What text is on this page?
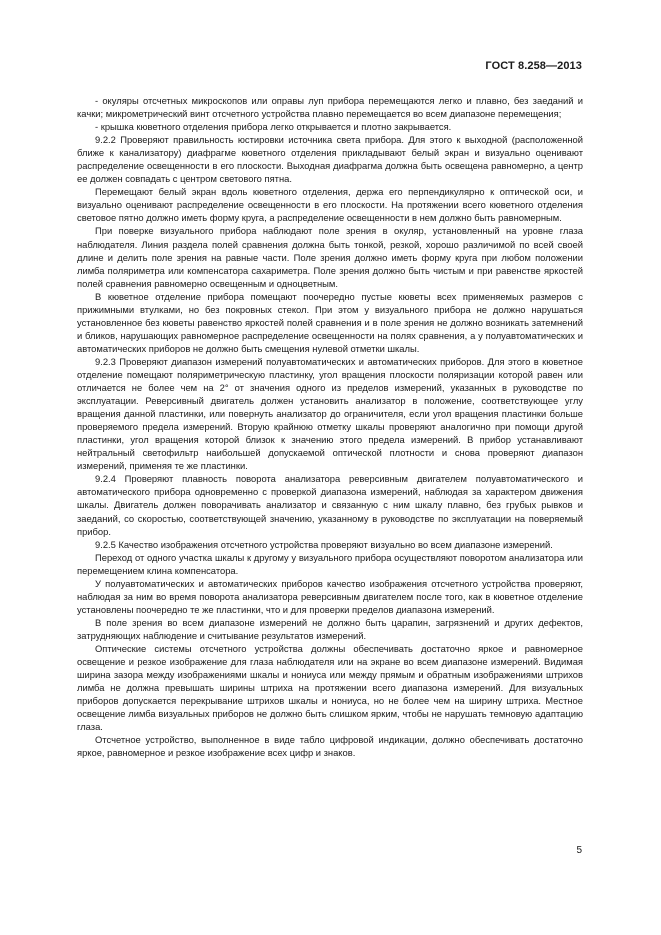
ГОСТ 8.258—2013

- окуляры отсчетных микроскопов или оправы луп прибора перемещаются легко и плавно, без заеданий и качки; микрометрический винт отсчетного устройства плавно перемещается во всем диапазоне перемещения;

- крышка кюветного отделения прибора легко открывается и плотно закрывается.

9.2.2 Проверяют правильность юстировки источника света прибора. Для этого к выходной (расположенной ближе к канализатору) диафрагме кюветного отделения прикладывают белый экран и визуально оценивают распределение освещенности в его плоскости. Выходная диафрагма должна быть освещена равномерно, а центр ее должен совпадать с центром светового пятна.

Перемещают белый экран вдоль кюветного отделения, держа его перпендикулярно к оптической оси, и визуально оценивают распределение освещенности в его плоскости. На протяжении всего кюветного отделения световое пятно должно иметь форму круга, а распределение освещенности в нем должно быть равномерным.

При поверке визуального прибора наблюдают поле зрения в окуляр, установленный на уровне глаза наблюдателя. Линия раздела полей сравнения должна быть тонкой, резкой, хорошо различимой по всей своей длине и делить поле зрения на равные части. Поле зрения должно иметь форму круга при любом положении лимба поляриметра или компенсатора сахариметра. Поле зрения должно быть чистым и при равенстве яркостей полей сравнения равномерно освещенным и одноцветным.

В кюветное отделение прибора помещают поочередно пустые кюветы всех применяемых размеров с прижимными втулками, но без покровных стекол. При этом у визуального прибора не должно нарушаться установленное без кюветы равенство яркостей полей сравнения и в поле зрения не должно возникать затемнений и бликов, нарушающих равномерное распределение освещенности на полях сравнения, а у полуавтоматических и автоматических приборов не должно быть смещения нулевой отметки шкалы.

9.2.3 Проверяют диапазон измерений полуавтоматических и автоматических приборов. Для этого в кюветное отделение помещают поляриметрическую пластинку, угол вращения плоскости поляризации которой равен или отличается не более чем на 2° от значения одного из пределов измерений, указанных в руководстве по эксплуатации. Реверсивный двигатель должен установить анализатор в положение, соответствующее углу вращения данной пластинки, или повернуть анализатор до ограничителя, если угол вращения пластинки больше проверяемого предела измерений. Вторую крайнюю отметку шкалы проверяют аналогично при помощи другой пластинки, угол вращения которой близок к значению этого предела измерений. В прибор устанавливают нейтральный светофильтр наибольшей допускаемой оптической плотности и снова проверяют диапазон измерений, применяя те же пластинки.

9.2.4 Проверяют плавность поворота анализатора реверсивным двигателем полуавтоматического и автоматического прибора одновременно с проверкой диапазона измерений, наблюдая за характером движения шкалы. Двигатель должен поворачивать анализатор и связанную с ним шкалу плавно, без грубых рывков и заеданий, со скоростью, соответствующей значению, указанному в руководстве по эксплуатации на поверяемый прибор.

9.2.5 Качество изображения отсчетного устройства проверяют визуально во всем диапазоне измерений.

Переход от одного участка шкалы к другому у визуального прибора осуществляют поворотом анализатора или перемещением клина компенсатора.

У полуавтоматических и автоматических приборов качество изображения отсчетного устройства проверяют, наблюдая за ним во время поворота анализатора реверсивным двигателем после того, как в кюветное отделение установлены поочередно те же пластинки, что и для проверки пределов диапазона измерений.

В поле зрения во всем диапазоне измерений не должно быть царапин, загрязнений и других дефектов, затрудняющих наблюдение и считывание результатов измерений.

Оптические системы отсчетного устройства должны обеспечивать достаточно яркое и равномерное освещение и резкое изображение для глаза наблюдателя или на экране во всем диапазоне измерений. Видимая ширина зазора между изображениями шкалы и нониуса или между прямым и обратным изображениями штрихов лимба не должна превышать ширины штриха на протяжении всего диапазона измерений. Для визуальных приборов допускается перекрывание штрихов шкалы и нониуса, но не более чем на ширину штриха. Местное освещение лимба визуальных приборов не должно быть слишком ярким, чтобы не нарушать темновую адаптацию глаза.

Отсчетное устройство, выполненное в виде табло цифровой индикации, должно обеспечивать достаточно яркое, равномерное и резкое изображение всех цифр и знаков.

5
